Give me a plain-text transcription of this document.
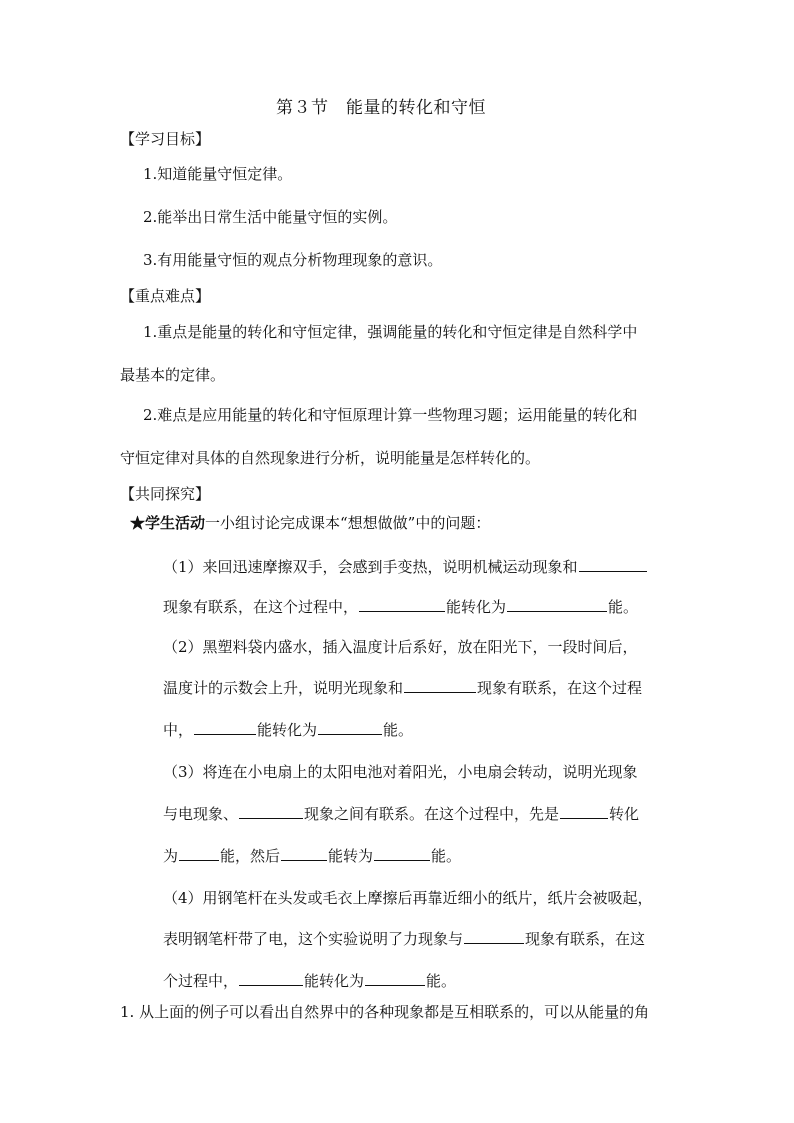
第３节　能量的转化和守恒
【学习目标】
1.知道能量守恒定律。
2.能举出日常生活中能量守恒的实例。
3.有用能量守恒的观点分析物理现象的意识。
【重点难点】
1.重点是能量的转化和守恒定律，强调能量的转化和守恒定律是自然科学中
最基本的定律。
2.难点是应用能量的转化和守恒原理计算一些物理习题；运用能量的转化和
守恒定律对具体的自然现象进行分析，说明能量是怎样转化的。
【共同探究】
★学生活动一小组讨论完成课本“想想做做”中的问题：
（1）来回迅速摩擦双手，会感到手变热，说明机械运动现象和
现象有联系，在这个过程中，	能转化为	能。
（2）黑塑料袋内盛水，插入温度计后系好，放在阳光下，一段时间后，
温度计的示数会上升，说明光现象和	现象有联系，在这个过程
中，	能转化为	能。
（3）将连在小电扇上的太阳电池对着阳光，小电扇会转动，说明光现象
与电现象、	现象之间有联系。在这个过程中，先是	转化
为	能，然后	能转为	能。
（4）用钢笔杆在头发或毛衣上摩擦后再靠近细小的纸片，纸片会被吸起，
表明钢笔杆带了电，这个实验说明了力现象与	现象有联系，在这
个过程中，	能转化为	能。
1. 从上面的例子可以看出自然界中的各种现象都是互相联系的，可以从能量的角
